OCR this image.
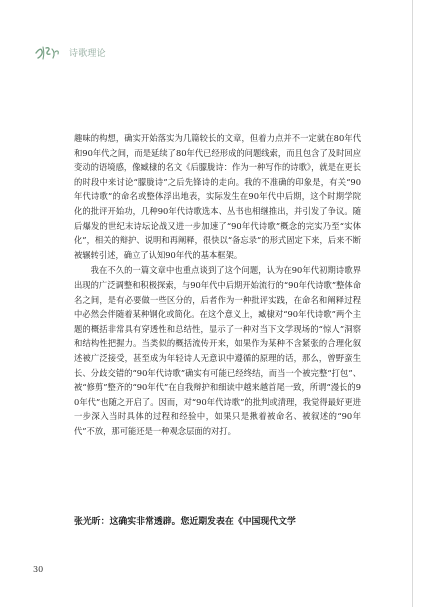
诗歌理论

趣味的构想，确实开始落实为几篇较长的文章，但着力点并不一定就在80年代和90年代之间，而是延续了80年代已经形成的问题线索，而且包含了及时回应变动的语境感，像臧棣的名文《后朦胧诗：作为一种写作的诗歌》，就是在更长的时段中来讨论“朦胧诗”之后先锋诗的走向。我的不准确的印象是，有关“90年代诗歌”的命名或整体浮出地表，实际发生在90年代中后期，这个时期学院化的批评开始功，几种90年代诗歌选本、丛书也相继推出，并引发了争议。随后爆发的世纪末诗坛论战又进一步加速了“90年代诗歌”概念的完实乃至“实体化”，相关的辩护、说明和再阐释，很快以“备忘录”的形式固定下来，后来不断被辗转引述，确立了认知90年代的基本框架。

我在不久的一篇文章中也重点谈到了这个问题，认为在90年代初期诗歌界出现的广泛调整和积极探索，与90年代中后期开始流行的“90年代诗歌”整体命名之间，是有必要做一些区分的，后者作为一种批评实践，在命名和阐释过程中必然会伴随着某种钢化或简化。在这个意义上，臧棣对“90年代诗歌”两个主题的概括非常具有穿透性和总结性，显示了一种对当下文学现场的“惊人”洞察和结构性把握力。当类似的概括流传开来，如果作为某种不含紧张的合理化叙述被广泛接受，甚至成为年轻诗人无意识中遵循的原理的话，那么，曾野蛮生长、分歧交错的“90年代诗歌”确实有可能已经终结，而当一个被完整“打包”、被“修剪”整齐的“90年代”在自我辩护和细读中越来越首尾一致，所谓“漫长的90年代”也随之开启了。因而，对“90年代诗歌”的批判或清理，我觉得最好更进一步深入当时具体的过程和经验中，如果只是揪着被命名、被叙述的“90年代”不放，那可能还是一种观念层面的对打。

张光昕：这确实非常透辟。您近期发表在《中国现代文学
30
